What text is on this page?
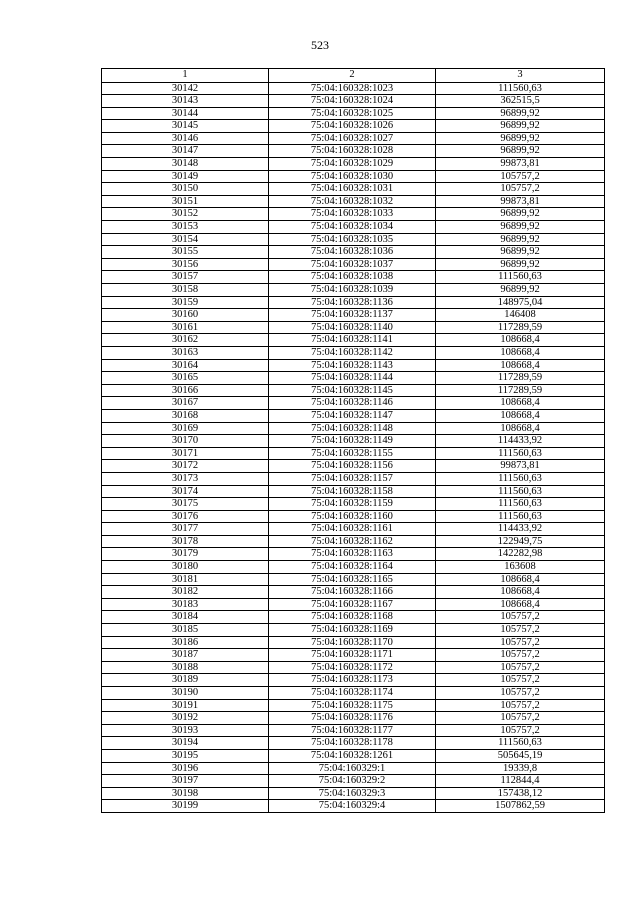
523
1	2	3
30142	75:04:160328:1023	111560,63
30143	75:04:160328:1024	362515,5
30144	75:04:160328:1025	96899,92
30145	75:04:160328:1026	96899,92
30146	75:04:160328:1027	96899,92
30147	75:04:160328:1028	96899,92
30148	75:04:160328:1029	99873,81
30149	75:04:160328:1030	105757,2
30150	75:04:160328:1031	105757,2
30151	75:04:160328:1032	99873,81
30152	75:04:160328:1033	96899,92
30153	75:04:160328:1034	96899,92
30154	75:04:160328:1035	96899,92
30155	75:04:160328:1036	96899,92
30156	75:04:160328:1037	96899,92
30157	75:04:160328:1038	111560,63
30158	75:04:160328:1039	96899,92
30159	75:04:160328:1136	148975,04
30160	75:04:160328:1137	146408
30161	75:04:160328:1140	117289,59
30162	75:04:160328:1141	108668,4
30163	75:04:160328:1142	108668,4
30164	75:04:160328:1143	108668,4
30165	75:04:160328:1144	117289,59
30166	75:04:160328:1145	117289,59
30167	75:04:160328:1146	108668,4
30168	75:04:160328:1147	108668,4
30169	75:04:160328:1148	108668,4
30170	75:04:160328:1149	114433,92
30171	75:04:160328:1155	111560,63
30172	75:04:160328:1156	99873,81
30173	75:04:160328:1157	111560,63
30174	75:04:160328:1158	111560,63
30175	75:04:160328:1159	111560,63
30176	75:04:160328:1160	111560,63
30177	75:04:160328:1161	114433,92
30178	75:04:160328:1162	122949,75
30179	75:04:160328:1163	142282,98
30180	75:04:160328:1164	163608
30181	75:04:160328:1165	108668,4
30182	75:04:160328:1166	108668,4
30183	75:04:160328:1167	108668,4
30184	75:04:160328:1168	105757,2
30185	75:04:160328:1169	105757,2
30186	75:04:160328:1170	105757,2
30187	75:04:160328:1171	105757,2
30188	75:04:160328:1172	105757,2
30189	75:04:160328:1173	105757,2
30190	75:04:160328:1174	105757,2
30191	75:04:160328:1175	105757,2
30192	75:04:160328:1176	105757,2
30193	75:04:160328:1177	105757,2
30194	75:04:160328:1178	111560,63
30195	75:04:160328:1261	505645,19
30196	75:04:160329:1	19339,8
30197	75:04:160329:2	112844,4
30198	75:04:160329:3	157438,12
30199	75:04:160329:4	1507862,59
